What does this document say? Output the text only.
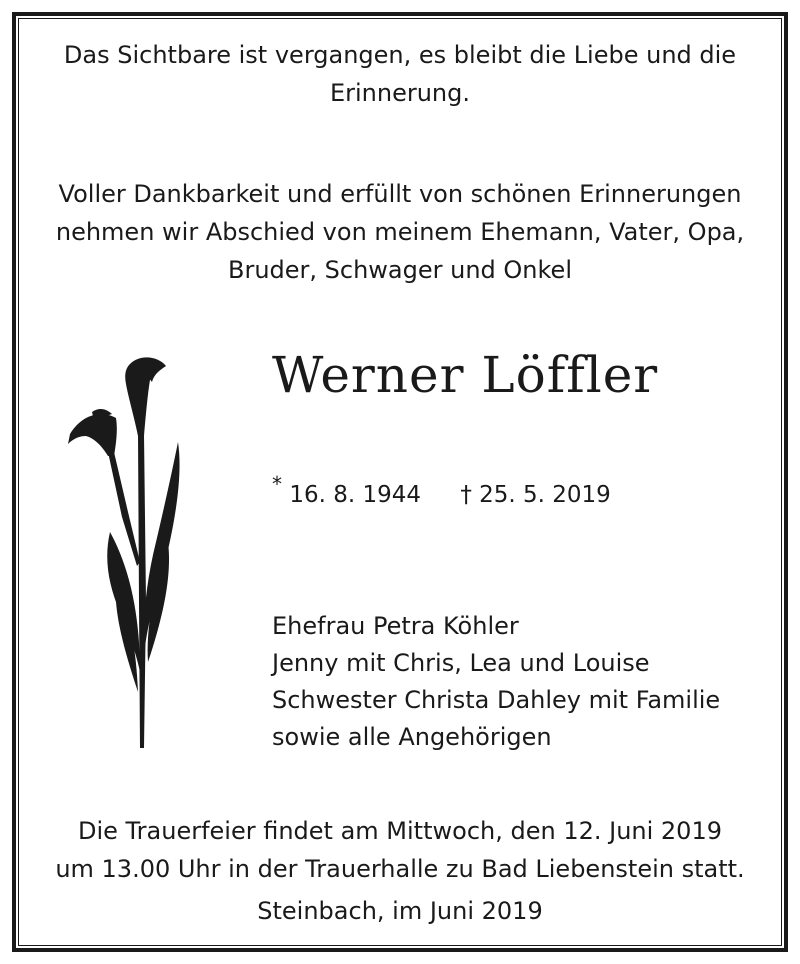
Das Sichtbare ist vergangen, es bleibt die Liebe und die
Erinnerung.
Voller Dankbarkeit und erfüllt von schönen Erinnerungen
nehmen wir Abschied von meinem Ehemann, Vater, Opa,
Bruder, Schwager und Onkel
Werner Löffler
* 16. 8. 1944 † 25. 5. 2019
Ehefrau Petra Köhler
Jenny mit Chris, Lea und Louise
Schwester Christa Dahley mit Familie
sowie alle Angehörigen
Die Trauerfeier findet am Mittwoch, den 12. Juni 2019
um 13.00 Uhr in der Trauerhalle zu Bad Liebenstein statt.
Steinbach, im Juni 2019
